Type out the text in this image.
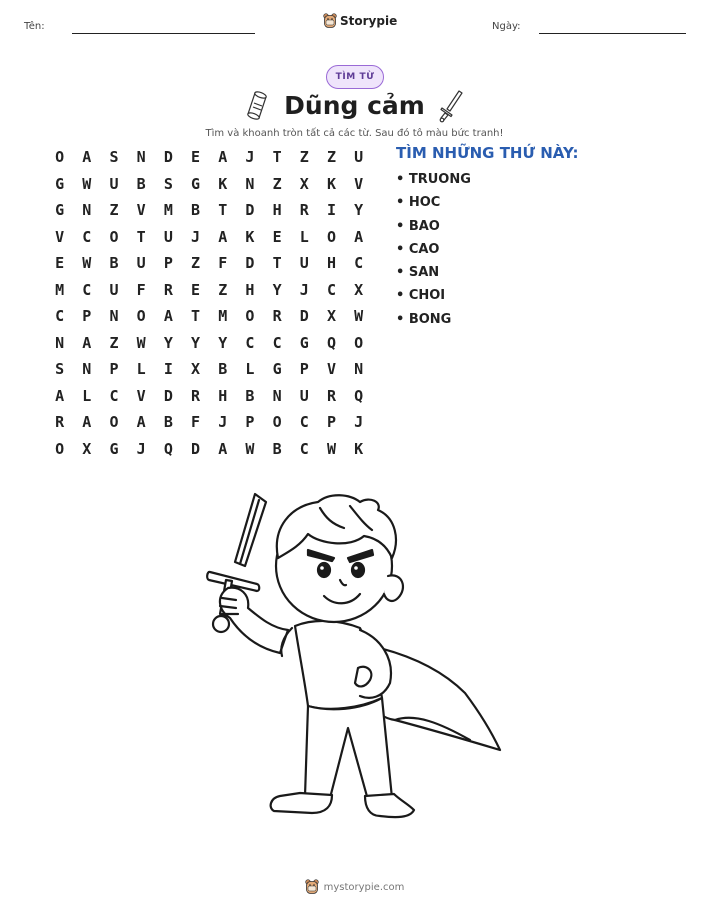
Tên:	Storypie	Ngày:
TÌM TỪ
Dũng cảm
Tìm và khoanh tròn tất cả các từ. Sau đó tô màu bức tranh!
O	A	S	N	D	E	A	J	T	Z	Z	U
G	W	U	B	S	G	K	N	Z	X	K	V
G	N	Z	V	M	B	T	D	H	R	I	Y
V	C	O	T	U	J	A	K	E	L	O	A
E	W	B	U	P	Z	F	D	T	U	H	C
M	C	U	F	R	E	Z	H	Y	J	C	X
C	P	N	O	A	T	M	O	R	D	X	W
N	A	Z	W	Y	Y	Y	C	C	G	Q	O
S	N	P	L	I	X	B	L	G	P	V	N
A	L	C	V	D	R	H	B	N	U	R	Q
R	A	O	A	B	F	J	P	O	C	P	J
O	X	G	J	Q	D	A	W	B	C	W	K
TÌM NHỮNG THỨ NÀY:
• TRUONG
• HOC
• BAO
• CAO
• SAN
• CHOI
• BONG
mystorypie.com
